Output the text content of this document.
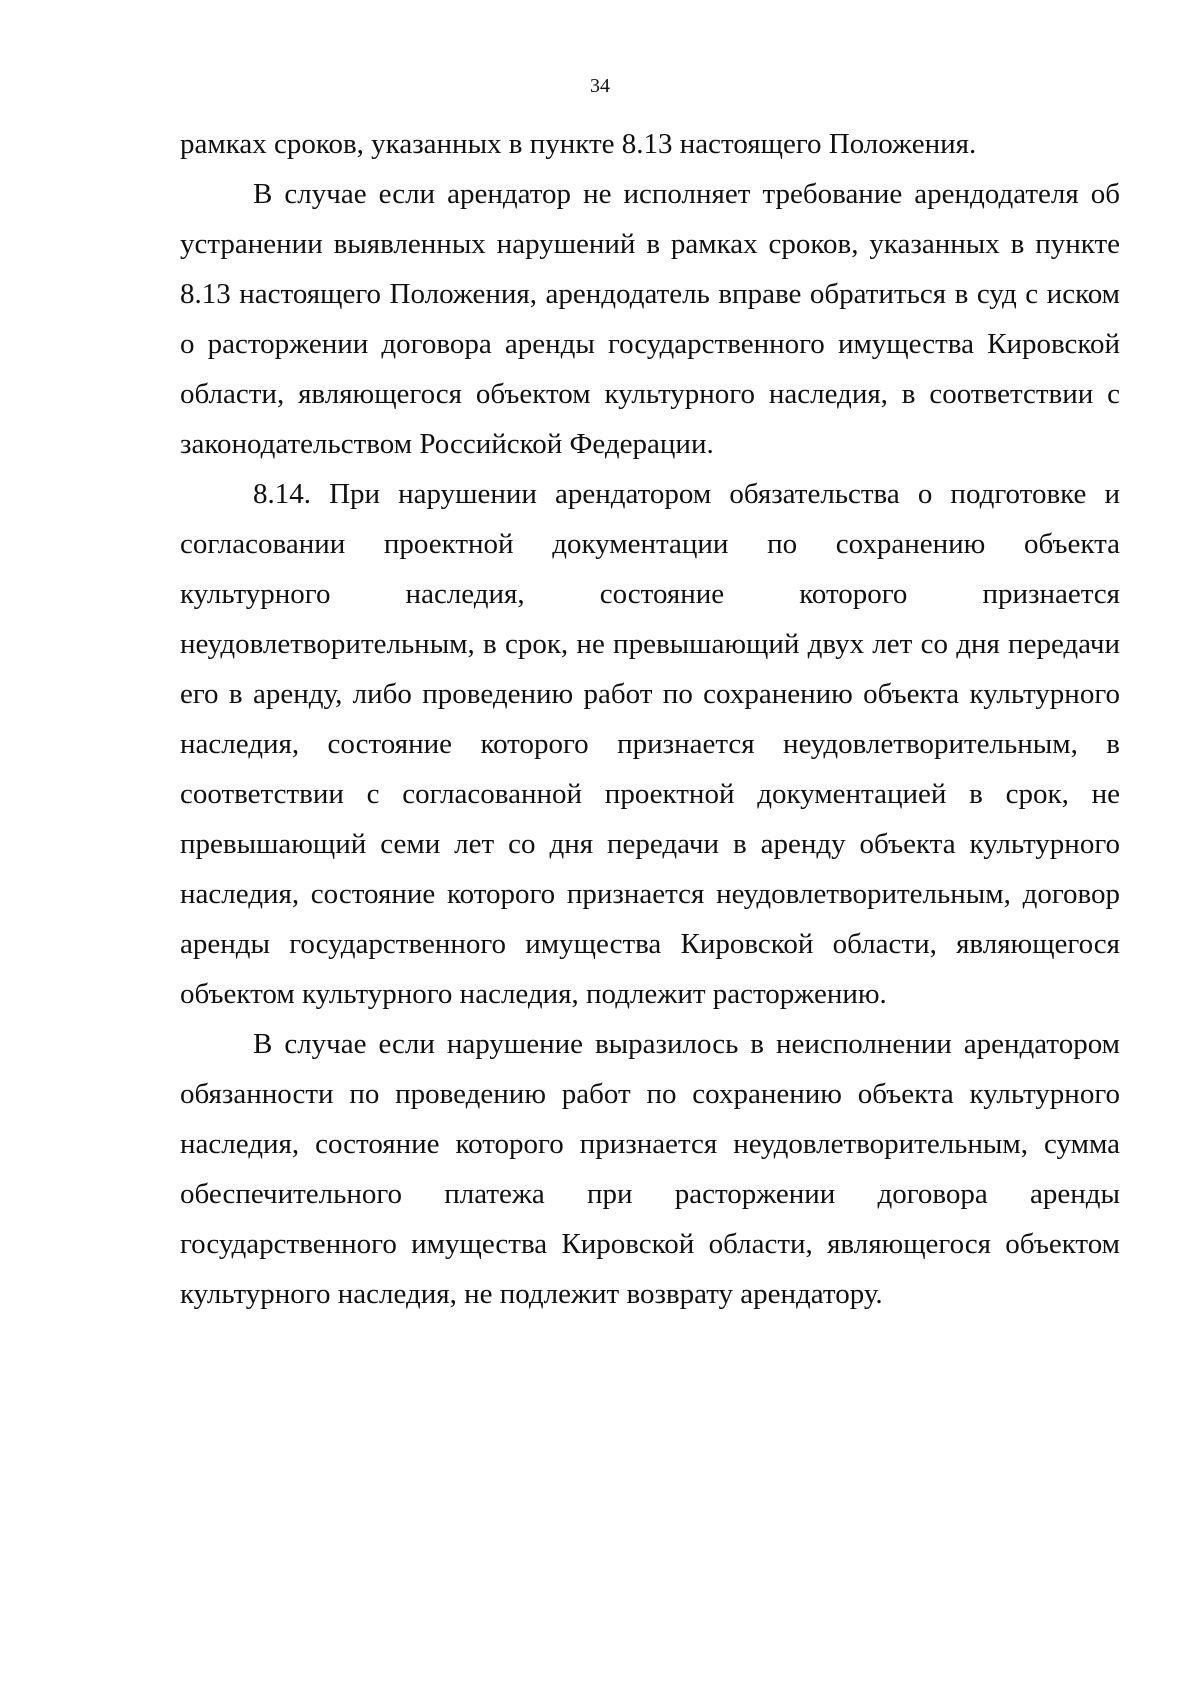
34

рамках сроков, указанных в пункте 8.13 настоящего Положения.

В случае если арендатор не исполняет требование арендодателя об устранении выявленных нарушений в рамках сроков, указанных в пункте 8.13 настоящего Положения, арендодатель вправе обратиться в суд с иском о расторжении договора аренды государственного имущества Кировской области, являющегося объектом культурного наследия, в соответствии с законодательством Российской Федерации.

8.14. При нарушении арендатором обязательства о подготовке и согласовании проектной документации по сохранению объекта культурного наследия, состояние которого признается неудовлетворительным, в срок, не превышающий двух лет со дня передачи его в аренду, либо проведению работ по сохранению объекта культурного наследия, состояние которого признается неудовлетворительным, в соответствии с согласованной проектной документацией в срок, не превышающий семи лет со дня передачи в аренду объекта культурного наследия, состояние которого признается неудовлетворительным, договор аренды государственного имущества Кировской области, являющегося объектом культурного наследия, подлежит расторжению.

В случае если нарушение выразилось в неисполнении арендатором обязанности по проведению работ по сохранению объекта культурного наследия, состояние которого признается неудовлетворительным, сумма обеспечительного платежа при расторжении договора аренды государственного имущества Кировской области, являющегося объектом культурного наследия, не подлежит возврату арендатору.
